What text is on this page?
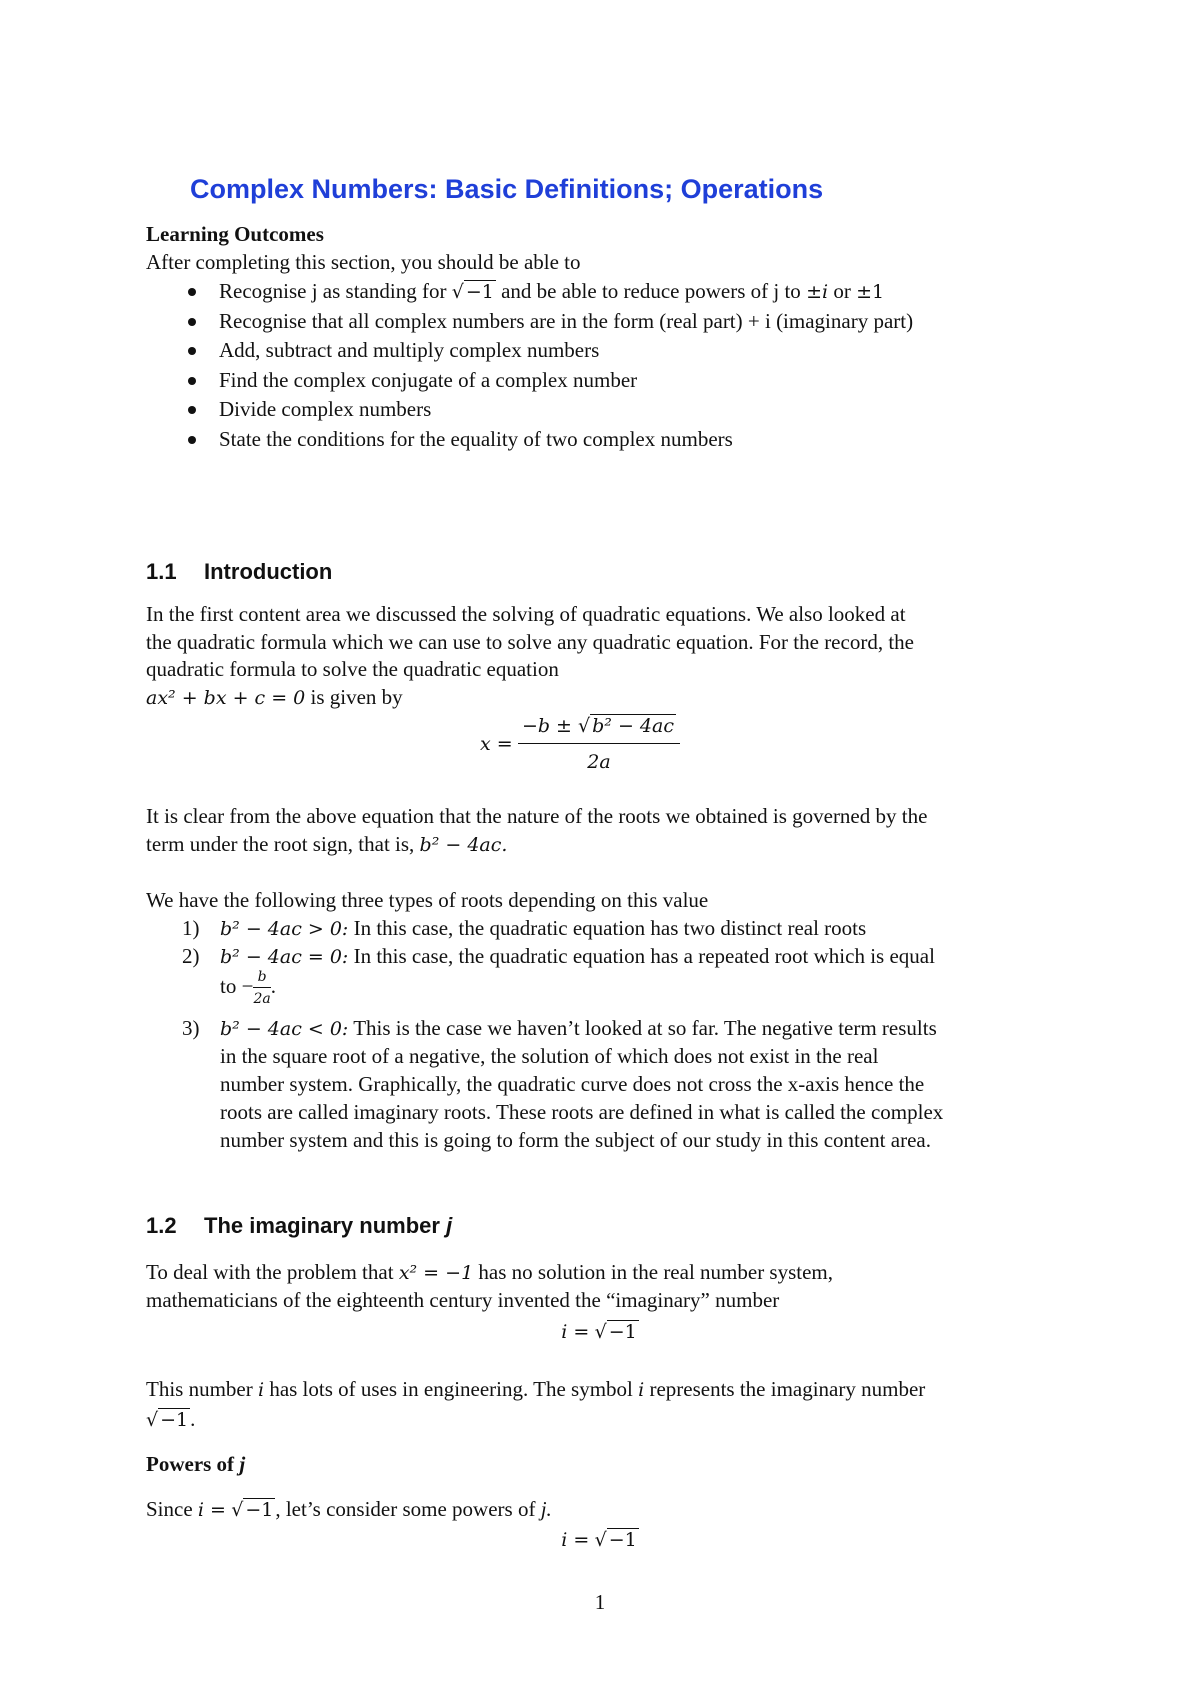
Complex Numbers: Basic Definitions; Operations
Learning Outcomes
After completing this section, you should be able to
Recognise j as standing for √ −1 and be able to reduce powers of j to ±i or ±1
Recognise that all complex numbers are in the form (real part) + i (imaginary part)
Add, subtract and multiply complex numbers
Find the complex conjugate of a complex number
Divide complex numbers
State the conditions for the equality of two complex numbers
1.1 Introduction
In the first content area we discussed the solving of quadratic equations. We also looked at
the quadratic formula which we can use to solve any quadratic equation. For the record, the
quadratic formula to solve the quadratic equation
ax² + bx + c = 0 is given by
$x = \frac{\text{−b ± √ b² − 4ac}}{2a}$
It is clear from the above equation that the nature of the roots we obtained is governed by the
term under the root sign, that is, b² − 4ac.
We have the following three types of roots depending on this value
1) b² − 4ac > 0: In this case, the quadratic equation has two distinct real roots
2) b² − 4ac = 0: In this case, the quadratic equation has a repeated root which is equal
to − $\frac{b}{2a}$ .
3) b² − 4ac < 0: This is the case we haven’t looked at so far. The negative term results
in the square root of a negative, the solution of which does not exist in the real
number system. Graphically, the quadratic curve does not cross the x-axis hence the
roots are called imaginary roots. These roots are defined in what is called the complex
number system and this is going to form the subject of our study in this content area.
1.2 The imaginary number j
To deal with the problem that x² = −1 has no solution in the real number system,
mathematicians of the eighteenth century invented the “imaginary” number
i = √ −1
This number i has lots of uses in engineering. The symbol i represents the imaginary number
√ −1.
Powers of j
Since i = √ −1, let’s consider some powers of j.
i = √ −1
1
